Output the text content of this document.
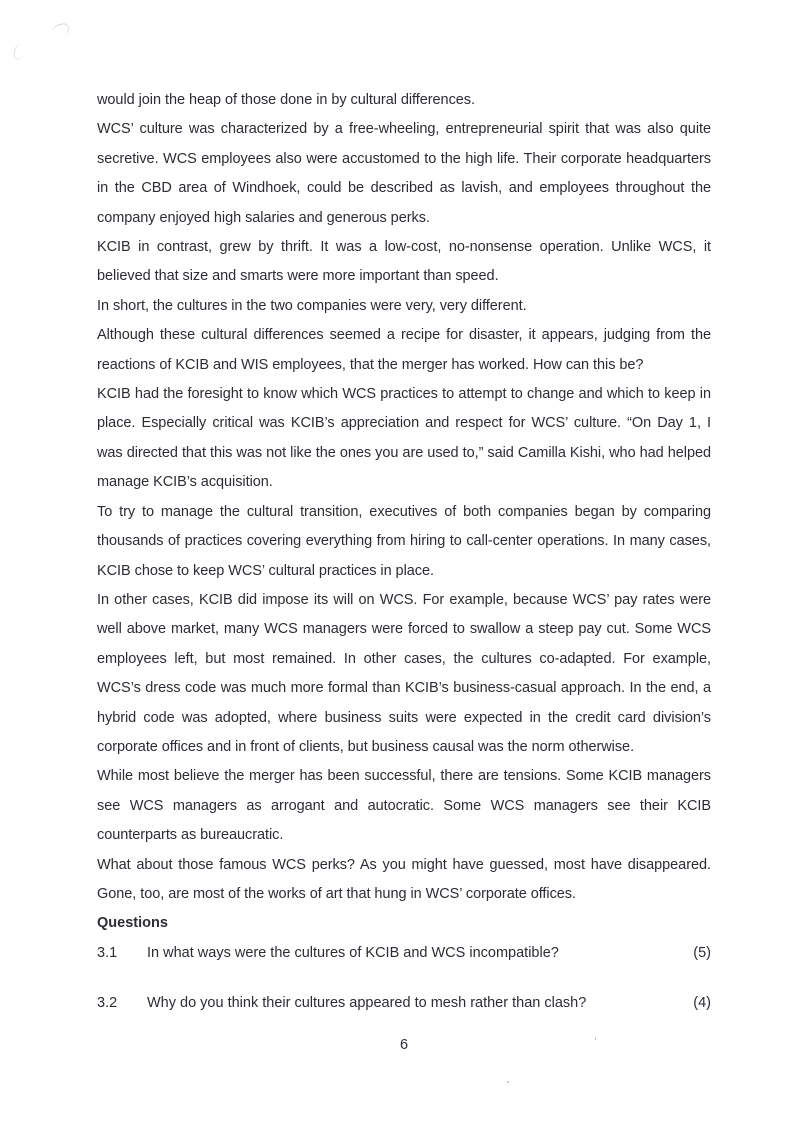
would join the heap of those done in by cultural differences.

WCS’ culture was characterized by a free-wheeling, entrepreneurial spirit that was also quite secretive. WCS employees also were accustomed to the high life. Their corporate headquarters in the CBD area of Windhoek, could be described as lavish, and employees throughout the company enjoyed high salaries and generous perks.

KCIB in contrast, grew by thrift. It was a low-cost, no-nonsense operation. Unlike WCS, it believed that size and smarts were more important than speed.

In short, the cultures in the two companies were very, very different.

Although these cultural differences seemed a recipe for disaster, it appears, judging from the reactions of KCIB and WIS employees, that the merger has worked. How can this be?

KCIB had the foresight to know which WCS practices to attempt to change and which to keep in place. Especially critical was KCIB’s appreciation and respect for WCS’ culture. “On Day 1, I was directed that this was not like the ones you are used to,” said Camilla Kishi, who had helped manage KCIB’s acquisition.

To try to manage the cultural transition, executives of both companies began by comparing thousands of practices covering everything from hiring to call-center operations. In many cases, KCIB chose to keep WCS’ cultural practices in place.

In other cases, KCIB did impose its will on WCS. For example, because WCS’ pay rates were well above market, many WCS managers were forced to swallow a steep pay cut. Some WCS employees left, but most remained. In other cases, the cultures co-adapted. For example, WCS’s dress code was much more formal than KCIB’s business-casual approach. In the end, a hybrid code was adopted, where business suits were expected in the credit card division’s corporate offices and in front of clients, but business causal was the norm otherwise.

While most believe the merger has been successful, there are tensions. Some KCIB managers see WCS managers as arrogant and autocratic. Some WCS managers see their KCIB counterparts as bureaucratic.

What about those famous WCS perks? As you might have guessed, most have disappeared. Gone, too, are most of the works of art that hung in WCS’ corporate offices.

Questions

3.1	In what ways were the cultures of KCIB and WCS incompatible?	(5)
3.2	Why do you think their cultures appeared to mesh rather than clash?	(4)
6	'
